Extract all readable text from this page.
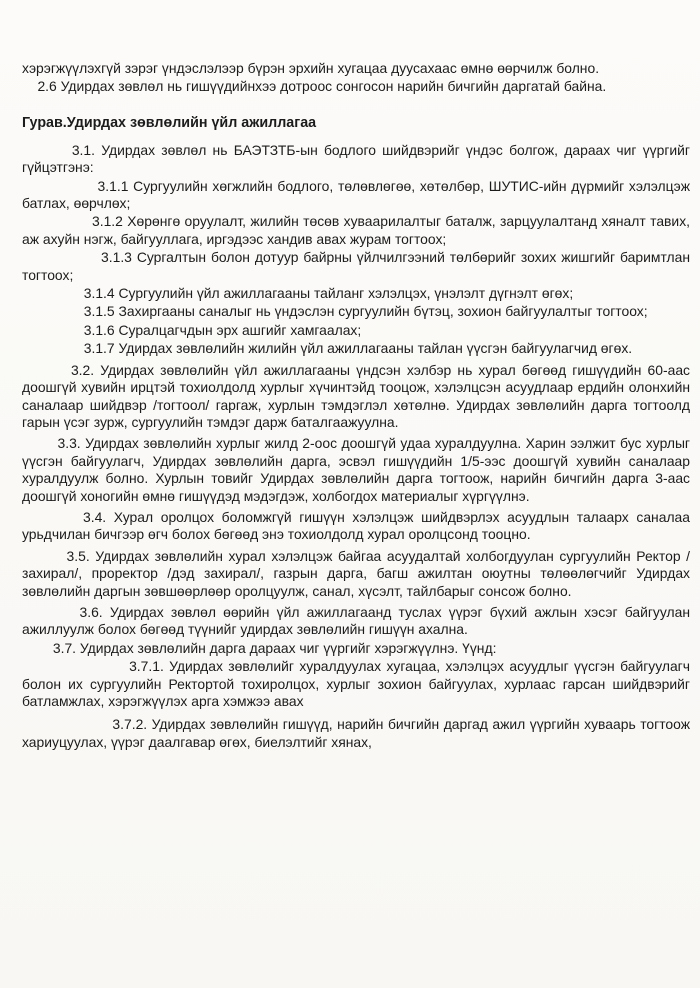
хэрэгжүүлэхгүй зэрэг үндэслэлээр бүрэн эрхийн хугацаа дуусахаас өмнө өөрчилж болно.

2.6 Удирдах зөвлөл нь гишүүдийнхээ дотроос сонгосон нарийн бичгийн даргатай байна.

Гурав.Удирдах зөвлөлийн үйл ажиллагаа

3.1. Удирдах зөвлөл нь БАЭТЗТБ-ын бодлого шийдвэрийг үндэс болгож, дараах чиг үүргийг гүйцэтгэнэ:

3.1.1 Сургуулийн хөгжлийн бодлого, төлөвлөгөө, хөтөлбөр, ШУТИС-ийн дүрмийг хэлэлцэж батлах, өөрчлөх;

3.1.2 Хөрөнгө оруулалт, жилийн төсөв хуваарилалтыг баталж, зарцуулалтанд хяналт тавих, аж ахуйн нэгж, байгууллага, иргэдээс хандив авах журам тогтоох;

3.1.3 Сургалтын болон дотуур байрны үйлчилгээний төлбөрийг зохих жишгийг баримтлан тогтоох;

3.1.4 Сургуулийн үйл ажиллагааны тайланг хэлэлцэх, үнэлэлт дүгнэлт өгөх;

3.1.5 Захиргааны саналыг нь үндэслэн сургуулийн бүтэц, зохион байгуулалтыг тогтоох;

3.1.6 Суралцагчдын эрх ашгийг хамгаалах;

3.1.7 Удирдах зөвлөлийн жилийн үйл ажиллагааны тайлан үүсгэн байгуулагчид өгөх.

3.2. Удирдах зөвлөлийн үйл ажиллагааны үндсэн хэлбэр нь хурал бөгөөд гишүүдийн 60-аас доошгүй хувийн ирцтэй тохиолдолд хурлыг хүчинтэйд тооцож, хэлэлцсэн асуудлаар ердийн олонхийн саналаар шийдвэр /тогтоол/ гаргаж, хурлын тэмдэглэл хөтөлнө. Удирдах зөвлөлийн дарга тогтоолд гарын үсэг зурж, сургуулийн тэмдэг дарж баталгаажуулна.

3.3. Удирдах зөвлөлийн хурлыг жилд 2-оос доошгүй удаа хуралдуулна. Харин ээлжит бус хурлыг үүсгэн байгуулагч, Удирдах зөвлөлийн дарга, эсвэл гишүүдийн 1/5-ээс доошгүй хувийн саналаар хуралдуулж болно. Хурлын товийг Удирдах зөвлөлийн дарга тогтоож, нарийн бичгийн дарга 3-аас доошгүй хоногийн өмнө гишүүдэд мэдэгдэж, холбогдох материалыг хүргүүлнэ.

3.4. Хурал оролцох боломжгүй гишүүн хэлэлцэж шийдвэрлэх асуудлын талаарх саналаа урьдчилан бичгээр өгч болох бөгөөд энэ тохиолдолд хурал оролцсонд тооцно.

3.5. Удирдах зөвлөлийн хурал хэлэлцэж байгаа асуудалтай холбогдуулан сургуулийн Ректор /захирал/, проректор /дэд захирал/, газрын дарга, багш ажилтан оюутны төлөөлөгчийг Удирдах зөвлөлийн даргын зөвшөөрлөөр оролцуулж, санал, хүсэлт, тайлбарыг сонсож болно.

3.6. Удирдах зөвлөл өөрийн үйл ажиллагаанд туслах үүрэг бүхий ажлын хэсэг байгуулан ажиллуулж болох бөгөөд түүнийг удирдах зөвлөлийн гишүүн ахална.

3.7. Удирдах зөвлөлийн дарга дараах чиг үүргийг хэрэгжүүлнэ. Үүнд:

3.7.1. Удирдах зөвлөлийг хуралдуулах хугацаа, хэлэлцэх асуудлыг үүсгэн байгуулагч болон их сургуулийн Ректортой тохиролцох, хурлыг зохион байгуулах, хурлаас гарсан шийдвэрийг батламжлах, хэрэгжүүлэх арга хэмжээ авах

3.7.2. Удирдах зөвлөлийн гишүүд, нарийн бичгийн даргад ажил үүргийн хуваарь тогтоож хариуцуулах, үүрэг даалгавар өгөх, биелэлтийг хянах,
